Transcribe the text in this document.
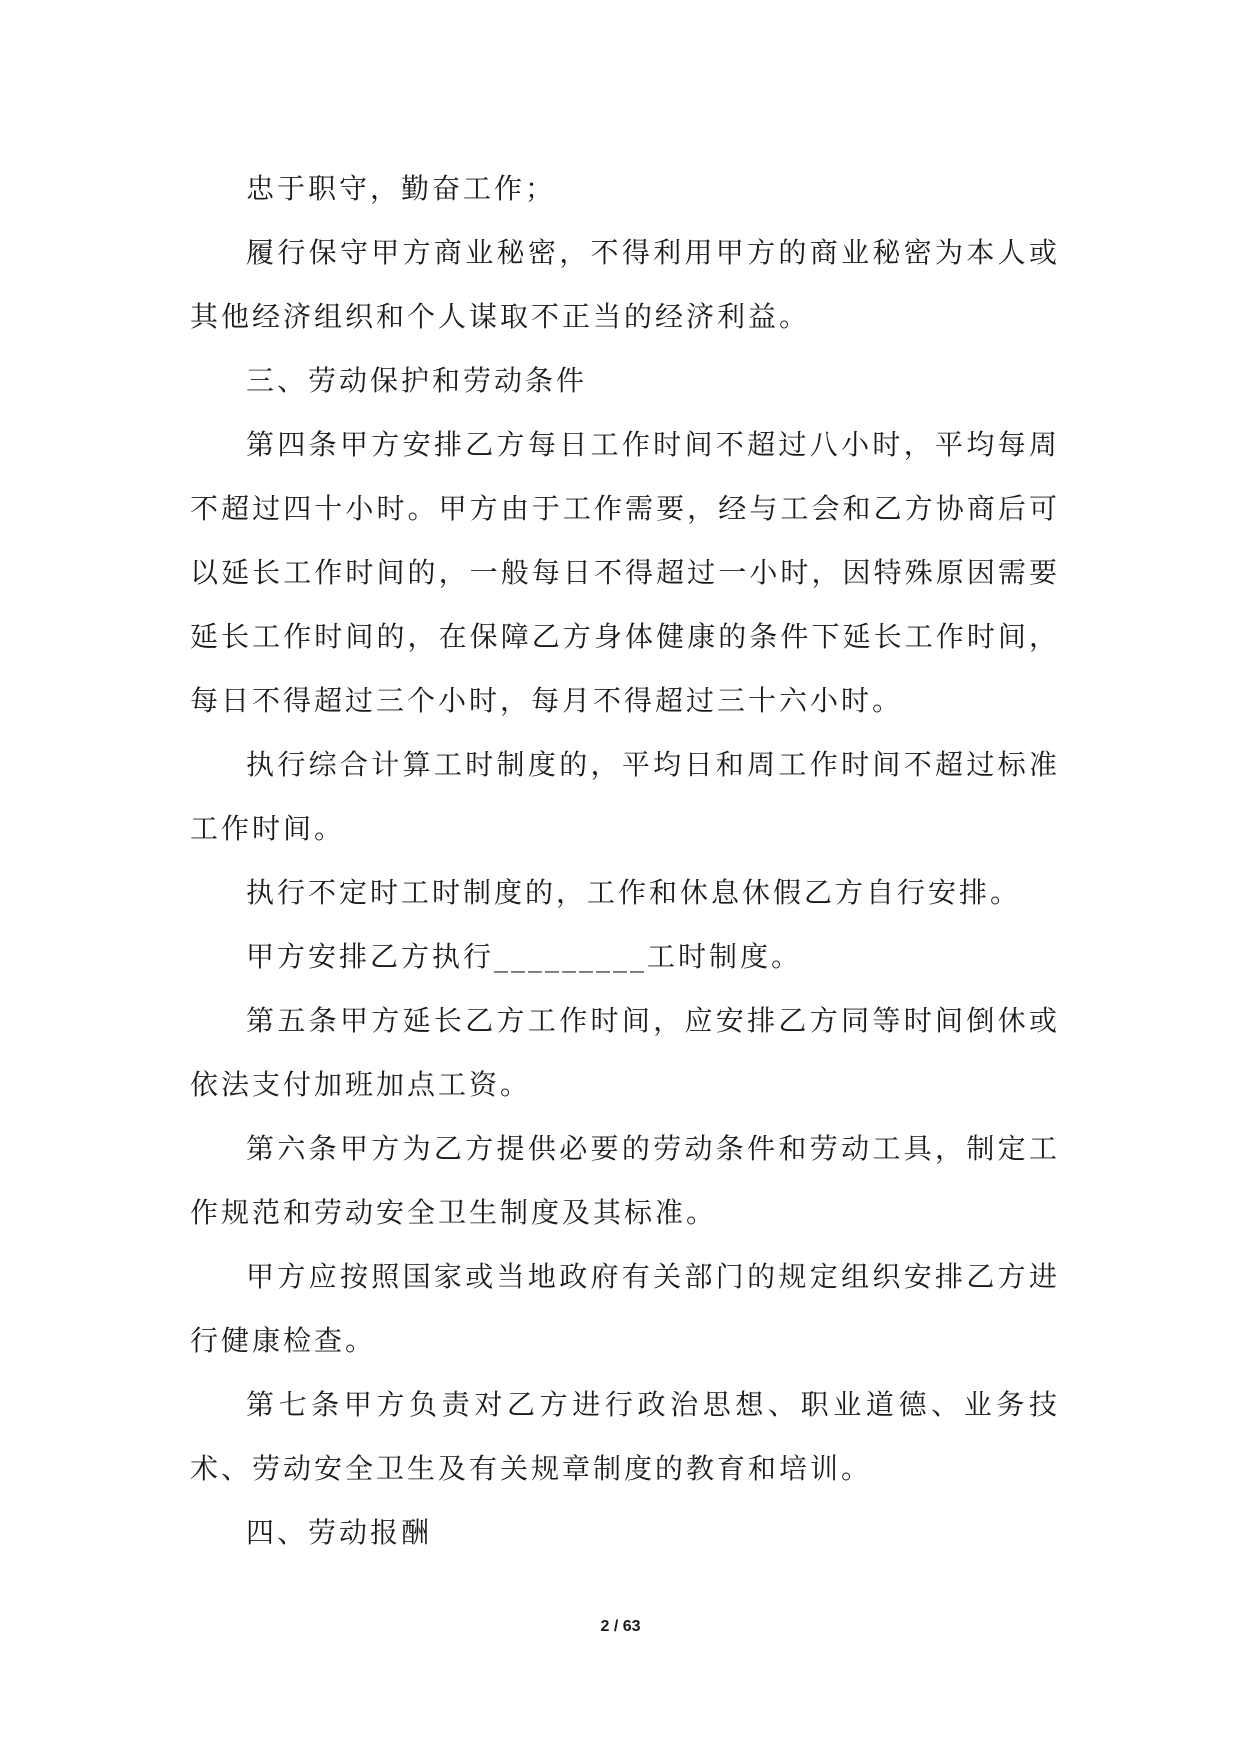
忠于职守，勤奋工作；

履行保守甲方商业秘密，不得利用甲方的商业秘密为本人或其他经济组织和个人谋取不正当的经济利益。

三、劳动保护和劳动条件

第四条甲方安排乙方每日工作时间不超过八小时，平均每周不超过四十小时。甲方由于工作需要，经与工会和乙方协商后可以延长工作时间的，一般每日不得超过一小时，因特殊原因需要延长工作时间的，在保障乙方身体健康的条件下延长工作时间，每日不得超过三个小时，每月不得超过三十六小时。

执行综合计算工时制度的，平均日和周工作时间不超过标准工作时间。

执行不定时工时制度的，工作和休息休假乙方自行安排。

甲方安排乙方执行_________工时制度。

第五条甲方延长乙方工作时间，应安排乙方同等时间倒休或依法支付加班加点工资。

第六条甲方为乙方提供必要的劳动条件和劳动工具，制定工作规范和劳动安全卫生制度及其标准。

甲方应按照国家或当地政府有关部门的规定组织安排乙方进行健康检查。

第七条甲方负责对乙方进行政治思想、职业道德、业务技术、劳动安全卫生及有关规章制度的教育和培训。

四、劳动报酬

2 / 63
